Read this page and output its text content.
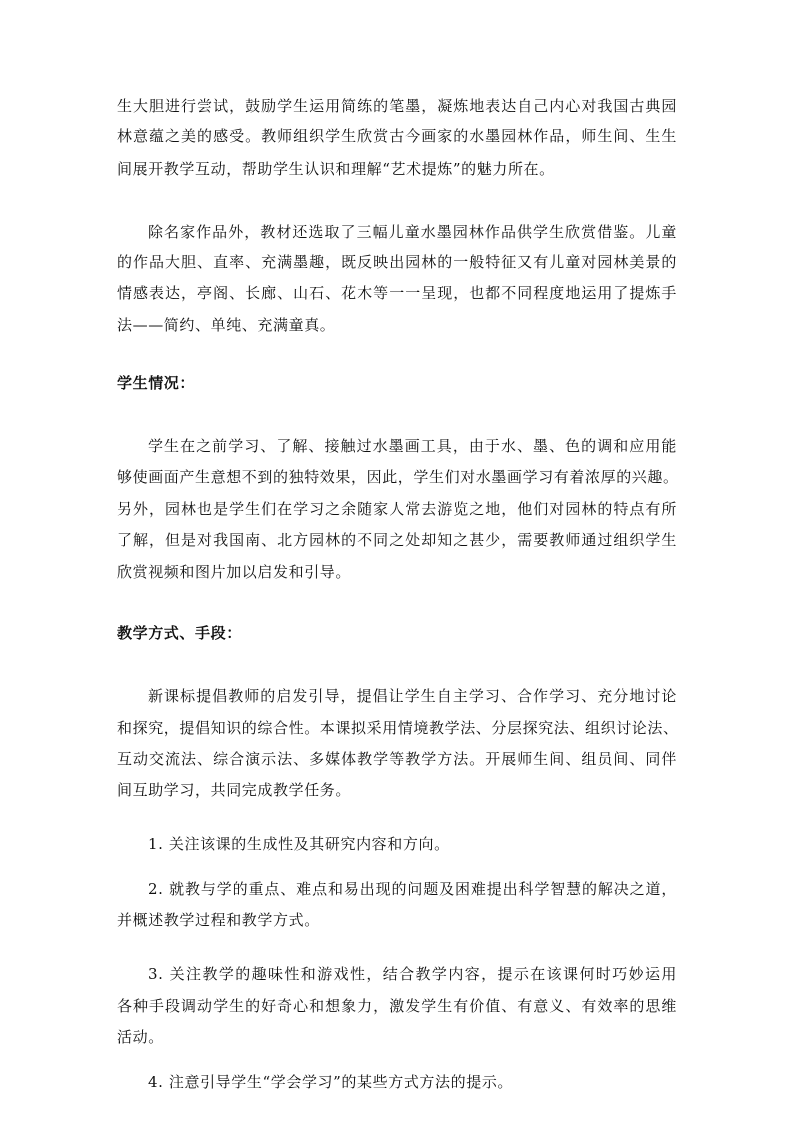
生大胆进行尝试，鼓励学生运用简练的笔墨，凝炼地表达自己内心对我国古典园
林意蕴之美的感受。教师组织学生欣赏古今画家的水墨园林作品，师生间、生生
间展开教学互动，帮助学生认识和理解“艺术提炼”的魅力所在。
除名家作品外，教材还选取了三幅儿童水墨园林作品供学生欣赏借鉴。儿童
的作品大胆、直率、充满墨趣，既反映出园林的一般特征又有儿童对园林美景的
情感表达，亭阁、长廊、山石、花木等一一呈现，也都不同程度地运用了提炼手
法——简约、单纯、充满童真。
学生情况：
学生在之前学习、了解、接触过水墨画工具，由于水、墨、色的调和应用能
够使画面产生意想不到的独特效果，因此，学生们对水墨画学习有着浓厚的兴趣。
另外，园林也是学生们在学习之余随家人常去游览之地，他们对园林的特点有所
了解，但是对我国南、北方园林的不同之处却知之甚少，需要教师通过组织学生
欣赏视频和图片加以启发和引导。
教学方式、手段：
新课标提倡教师的启发引导，提倡让学生自主学习、合作学习、充分地讨论
和探究，提倡知识的综合性。本课拟采用情境教学法、分层探究法、组织讨论法、
互动交流法、综合演示法、多媒体教学等教学方法。开展师生间、组员间、同伴
间互助学习，共同完成教学任务。
1. 关注该课的生成性及其研究内容和方向。
2. 就教与学的重点、难点和易出现的问题及困难提出科学智慧的解决之道，
并概述教学过程和教学方式。
3. 关注教学的趣味性和游戏性，结合教学内容，提示在该课何时巧妙运用
各种手段调动学生的好奇心和想象力，激发学生有价值、有意义、有效率的思维
活动。
4. 注意引导学生“学会学习”的某些方式方法的提示。
